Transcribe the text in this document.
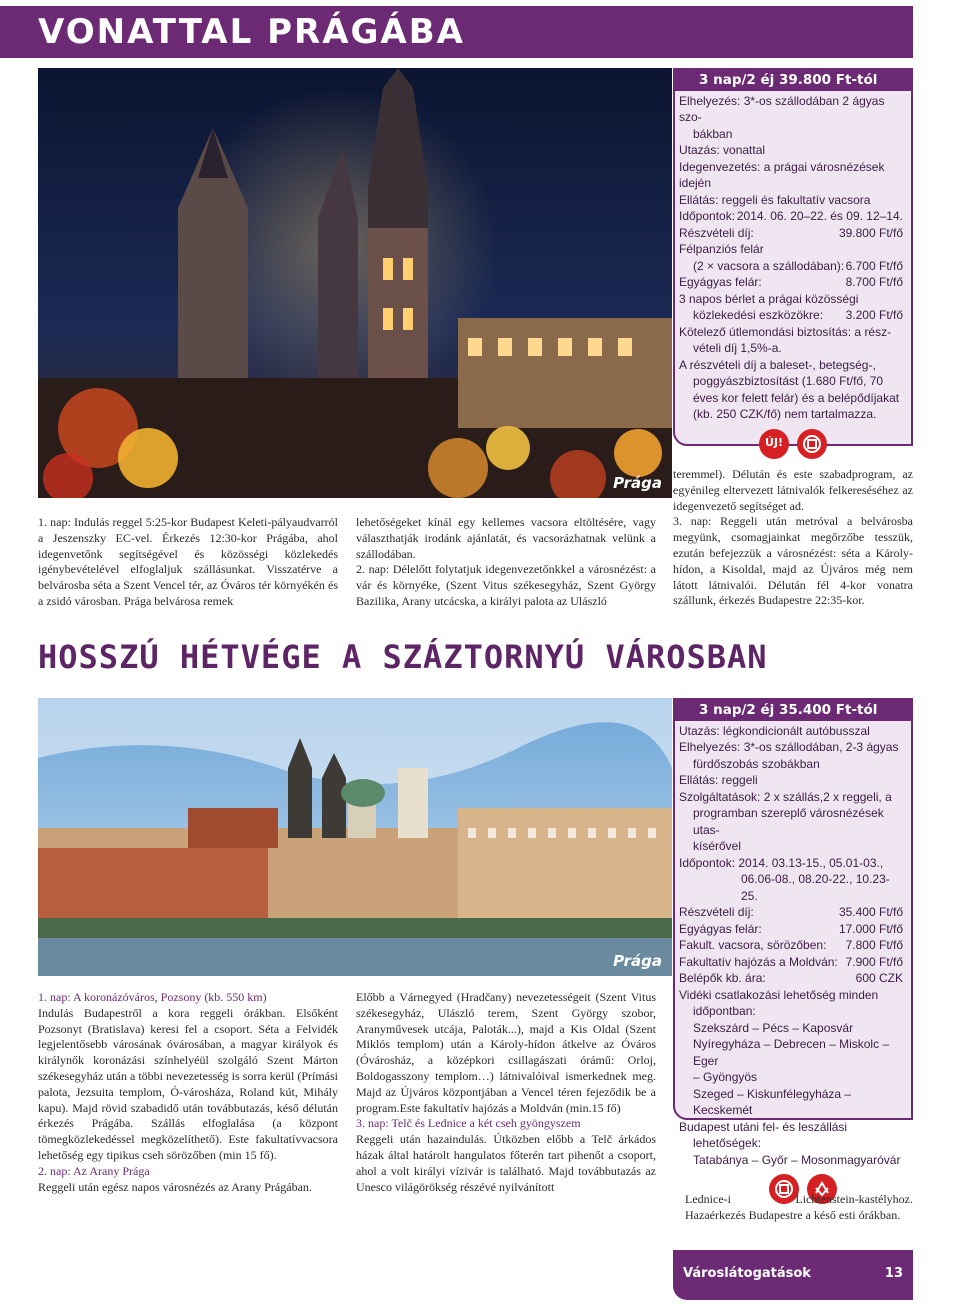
VONATTAL PRÁGÁBA
Prága
3 nap/2 éj 39.800 Ft-tól
Elhelyezés: 3*-os szállodában 2 ágyas szo-
bákban
Utazás: vonattal
Idegenvezetés: a prágai városnézések idején
Ellátás: reggeli és fakultatív vacsora
Időpontok: 2014. 06. 20–22. és 09. 12–14.
Részvételi díj:	39.800 Ft/fő
Félpanziós felár
(2 × vacsora a szállodában): 6.700 Ft/fő
Egyágyas felár:	8.700 Ft/fő
3 napos bérlet a prágai közösségi
közlekedési eszközökre: 3.200 Ft/fő
Kötelező útlemondási biztosítás: a rész-
vételi díj 1,5%-a.
A részvételi díj a baleset-, betegség-,
poggyászbiztosítást (1.680 Ft/fő, 70
éves kor felett felár) és a belépődíjakat
(kb. 250 CZK/fő) nem tartalmazza.
ÚJ!

1. nap: Indulás reggel 5:25-kor Budapest Keleti-pályaudvarról a Jeszenszky EC-vel. Érkezés 12:30-kor Prágába, ahol idegenvetőnk segítségével és közösségi közlekedés igénybevételével elfoglaljuk szállásunkat. Visszatérve a belvárosba séta a Szent Vencel tér, az Óváros tér környékén és a zsidó városban. Prága belvárosa remek

lehetőségeket kínál egy kellemes vacsora eltöltésére, vagy választhatják irodánk ajánlatát, és vacsorázhatnak velünk a szállodában.

2. nap: Délelőtt folytatjuk idegenvezetőnkkel a városnézést: a vár és környéke, (Szent Vitus székesegyház, Szent György Bazilika, Arany utcácska, a királyi palota az Ulászló

teremmel). Délután és este szabadprogram, az egyénileg eltervezett látnivalók felkereséséhez az idegenvezető segítséget ad.

3. nap: Reggeli után metróval a belvárosba megyünk, csomagjainkat megőrzőbe tesszük, ezután befejezzük a városnézést: séta a Károly-hídon, a Kisoldal, majd az Újváros még nem látott látnivalói. Délután fél 4-kor vonatra szállunk, érkezés Budapestre 22:35-kor.

HOSSZÚ HÉTVÉGE A SZÁZTORNYÚ VÁROSBAN
Prága
3 nap/2 éj 35.400 Ft-tól
Utazás: légkondicionált autóbusszal
Elhelyezés: 3*-os szállodában, 2-3 ágyas
fürdőszobás szobákban
Ellátás: reggeli
Szolgáltatások: 2 x szállás,2 x reggeli, a
programban szereplő városnézések utas-
kísérővel
Időpontok: 2014. 03.13-15., 05.01-03.,
06.06-08., 08.20-22., 10.23-25.
Részvételi díj:	35.400 Ft/fő
Egyágyas felár:	17.000 Ft/fő
Fakult. vacsora, sörözőben: 7.800 Ft/fő
Fakultatív hajózás a Moldván: 7.900 Ft/fő
Belépők kb. ára:	600 CZK
Vidéki csatlakozási lehetőség minden
időpontban:
Szekszárd – Pécs – Kaposvár
Nyíregyháza – Debrecen – Miskolc – Eger
– Gyöngyös
Szeged – Kiskunfélegyháza – Kecskemét
Budapest utáni fel- és leszállási
lehetőségek:
Tatabánya – Győr – Mosonmagyaróvár

1. nap: A koronázóváros, Pozsony (kb. 550 km)

Indulás Budapestről a kora reggeli órákban. Elsőként Pozsonyt (Bratislava) keresi fel a csoport. Séta a Felvidék legjelentősebb városának óvárosában, a magyar királyok és királynők koronázási színhelyéül szolgáló Szent Márton székesegyház után a többi nevezetesség is sorra kerül (Prímási palota, Jezsuita templom, Ó-városháza, Roland kút, Mihály kapu). Majd rövid szabadidő után továbbutazás, késő délután érkezés Prágába. Szállás elfoglalása (a központ tömegközlekedéssel megközelíthető). Este fakultatívvacsora lehetőség egy tipikus cseh sörözőben (min 15 fő).

2. nap: Az Arany Prága

Reggeli után egész napos városnézés az Arany Prágában.

Előbb a Várnegyed (Hradčany) nevezetességeit (Szent Vitus székesegyház, Ulászló terem, Szent György szobor, Aranyművesek utcája, Paloták...), majd a Kis Oldal (Szent Miklós templom) után a Károly-hídon átkelve az Óváros (Óvárosház, a középkori csillagászati órámű: Orloj, Boldogasszony templom…) látnivalóival ismerkednek meg. Majd az Újváros központjában a Vencel téren fejeződik be a program.Este fakultatív hajózás a Moldván (min.15 fő)

3. nap: Telč és Lednice a két cseh gyöngyszem

Reggeli után hazaindulás. Útközben előbb a Telč árkádos házak által határolt hangulatos főterén tart pihenőt a csoport, ahol a volt királyi vízivár is található. Majd továbbutazás az Unesco világörökség részévé nyilvánított

Lednice-i Lichtenstein-kastélyhoz. Hazaérkezés Budapestre a késő esti órákban.

Városlátogatások	13
